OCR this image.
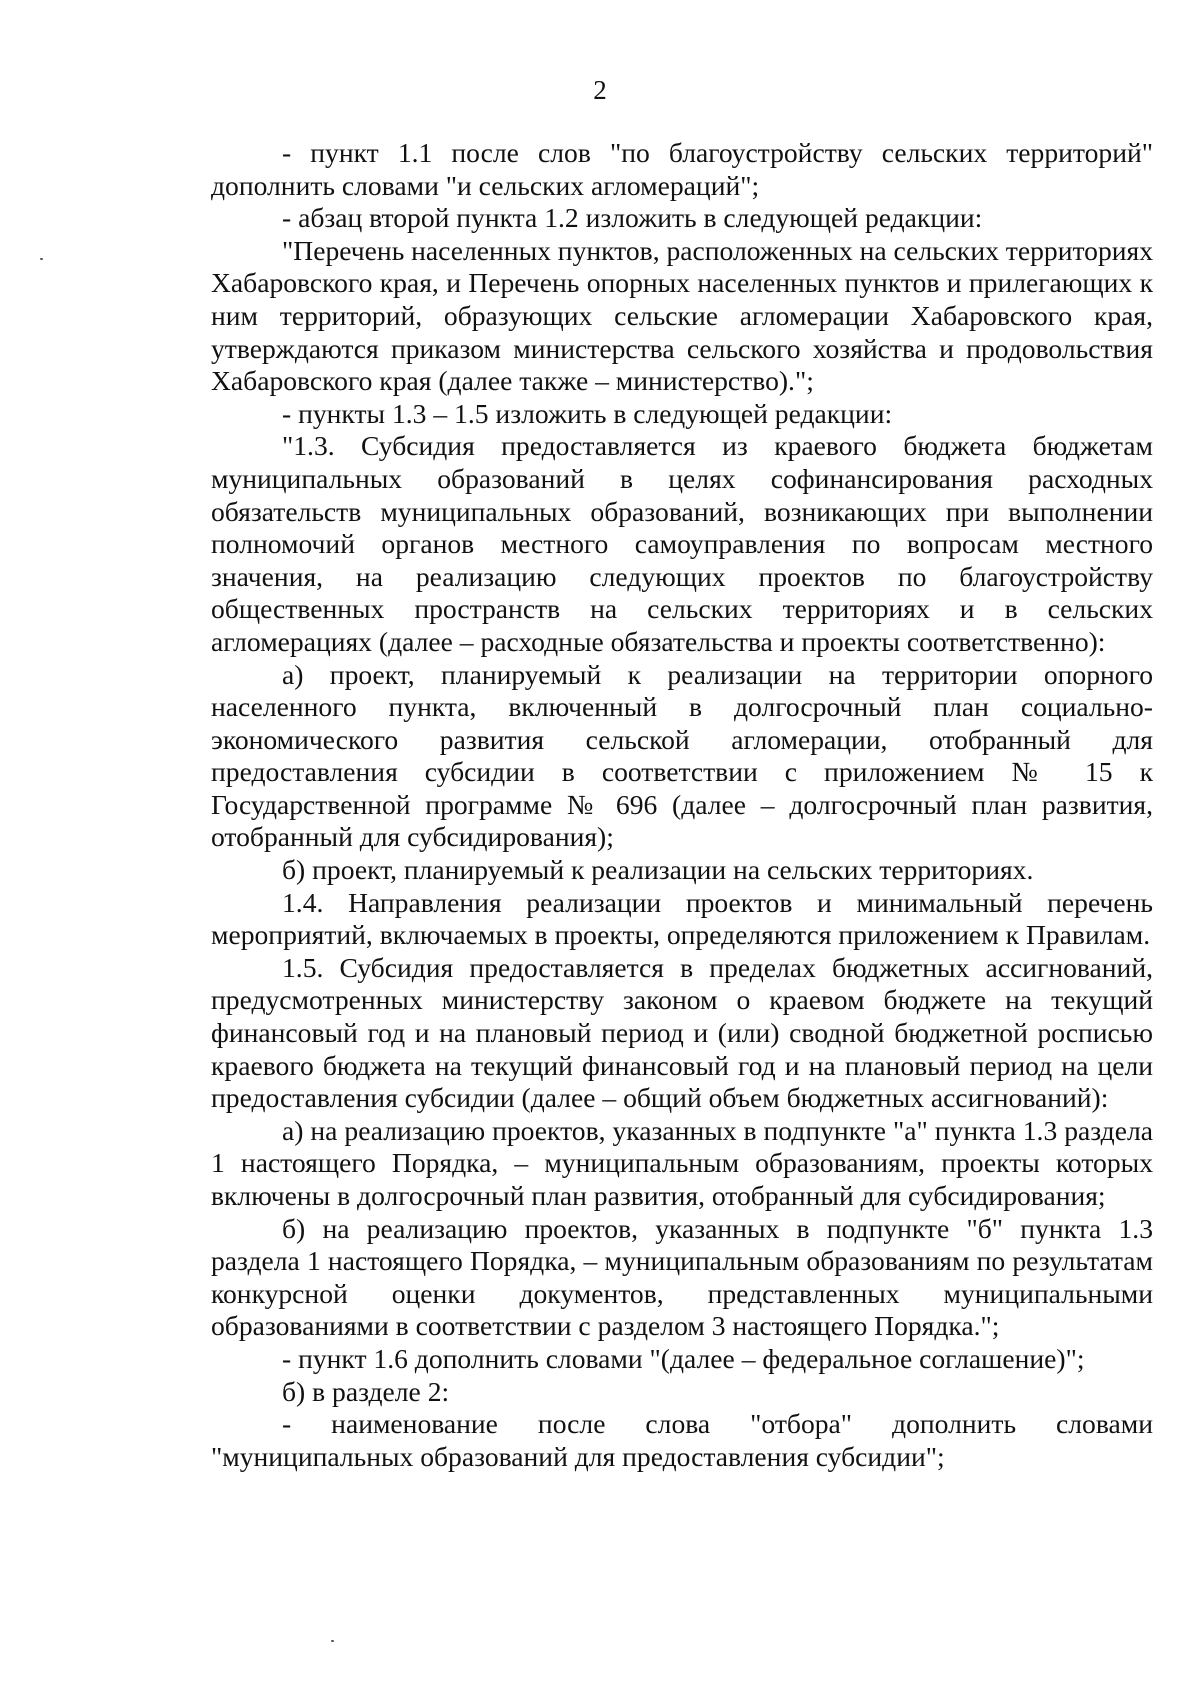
2

- пункт 1.1 после слов "по благоустройству сельских территорий" дополнить словами "и сельских агломераций";

- абзац второй пункта 1.2 изложить в следующей редакции:

"Перечень населенных пунктов, расположенных на сельских территориях Хабаровского края, и Перечень опорных населенных пунктов и прилегающих к ним территорий, образующих сельские агломерации Хабаровского края, утверждаются приказом министерства сельского хозяйства и продовольствия Хабаровского края (далее также – министерство).";

- пункты 1.3 – 1.5 изложить в следующей редакции:

"1.3. Субсидия предоставляется из краевого бюджета бюджетам муниципальных образований в целях софинансирования расходных обязательств муниципальных образований, возникающих при выполнении полномочий органов местного самоуправления по вопросам местного значения, на реализацию следующих проектов по благоустройству общественных пространств на сельских территориях и в сельских агломерациях (далее – расходные обязательства и проекты соответственно):

а) проект, планируемый к реализации на территории опорного населенного пункта, включенный в долгосрочный план социально-экономического развития сельской агломерации, отобранный для предоставления субсидии в соответствии с приложением № 15 к Государственной программе № 696 (далее – долгосрочный план развития, отобранный для субсидирования);

б) проект, планируемый к реализации на сельских территориях.

1.4. Направления реализации проектов и минимальный перечень мероприятий, включаемых в проекты, определяются приложением к Правилам.

1.5. Субсидия предоставляется в пределах бюджетных ассигнований, предусмотренных министерству законом о краевом бюджете на текущий финансовый год и на плановый период и (или) сводной бюджетной росписью краевого бюджета на текущий финансовый год и на плановый период на цели предоставления субсидии (далее – общий объем бюджетных ассигнований):

а) на реализацию проектов, указанных в подпункте "а" пункта 1.3 раздела 1 настоящего Порядка, – муниципальным образованиям, проекты которых включены в долгосрочный план развития, отобранный для субсидирования;

б) на реализацию проектов, указанных в подпункте "б" пункта 1.3 раздела 1 настоящего Порядка, – муниципальным образованиям по результатам конкурсной оценки документов, представленных муниципальными образованиями в соответствии с разделом 3 настоящего Порядка.";

- пункт 1.6 дополнить словами "(далее – федеральное соглашение)";

б) в разделе 2:

- наименование после слова "отбора" дополнить словами "муниципальных образований для предоставления субсидии";
